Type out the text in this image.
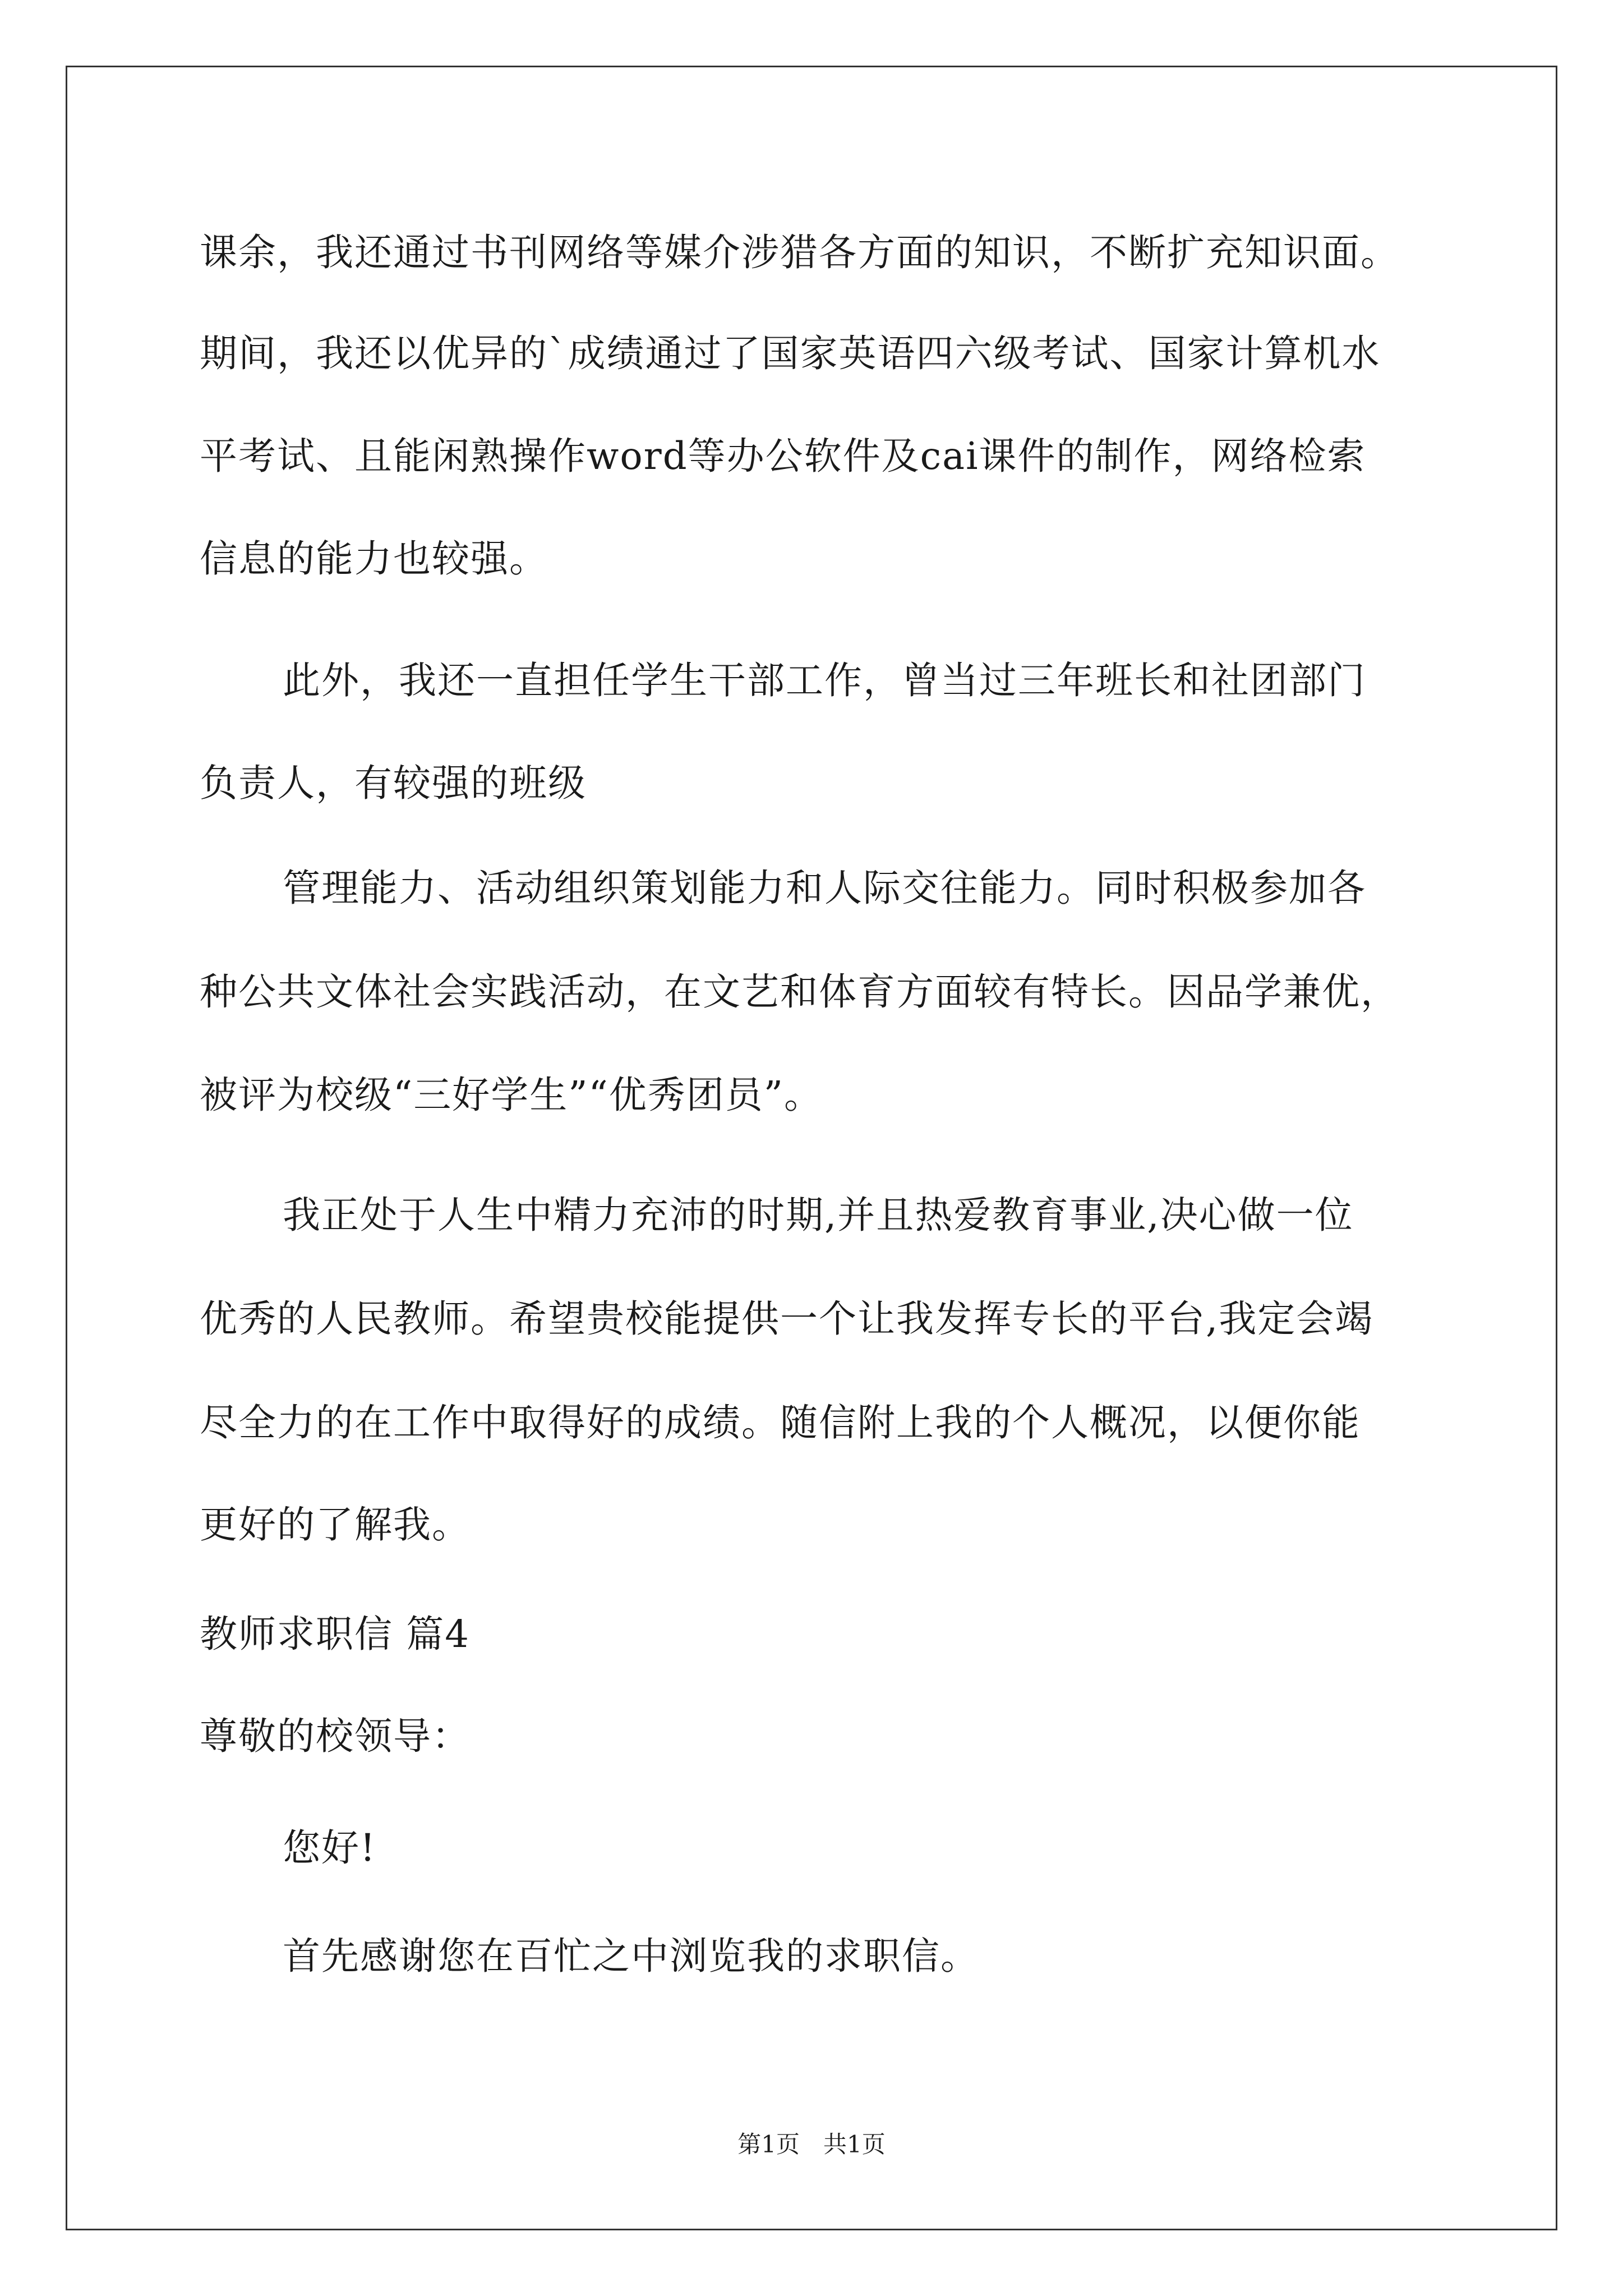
课余，我还通过书刊网络等媒介涉猎各方面的知识，不断扩充知识面。
期间，我还以优异的`成绩通过了国家英语四六级考试、国家计算机水
平考试、且能闲熟操作word等办公软件及cai课件的制作，网络检索
信息的能力也较强。
此外，我还一直担任学生干部工作，曾当过三年班长和社团部门
负责人，有较强的班级
管理能力、活动组织策划能力和人际交往能力。同时积极参加各
种公共文体社会实践活动，在文艺和体育方面较有特长。因品学兼优，
被评为校级“三好学生”“优秀团员”。
我正处于人生中精力充沛的时期,并且热爱教育事业,决心做一位
优秀的人民教师。希望贵校能提供一个让我发挥专长的平台,我定会竭
尽全力的在工作中取得好的成绩。随信附上我的个人概况，以便你能
更好的了解我。
教师求职信 篇4
尊敬的校领导：
您好!
首先感谢您在百忙之中浏览我的求职信。
第1页　共1页
